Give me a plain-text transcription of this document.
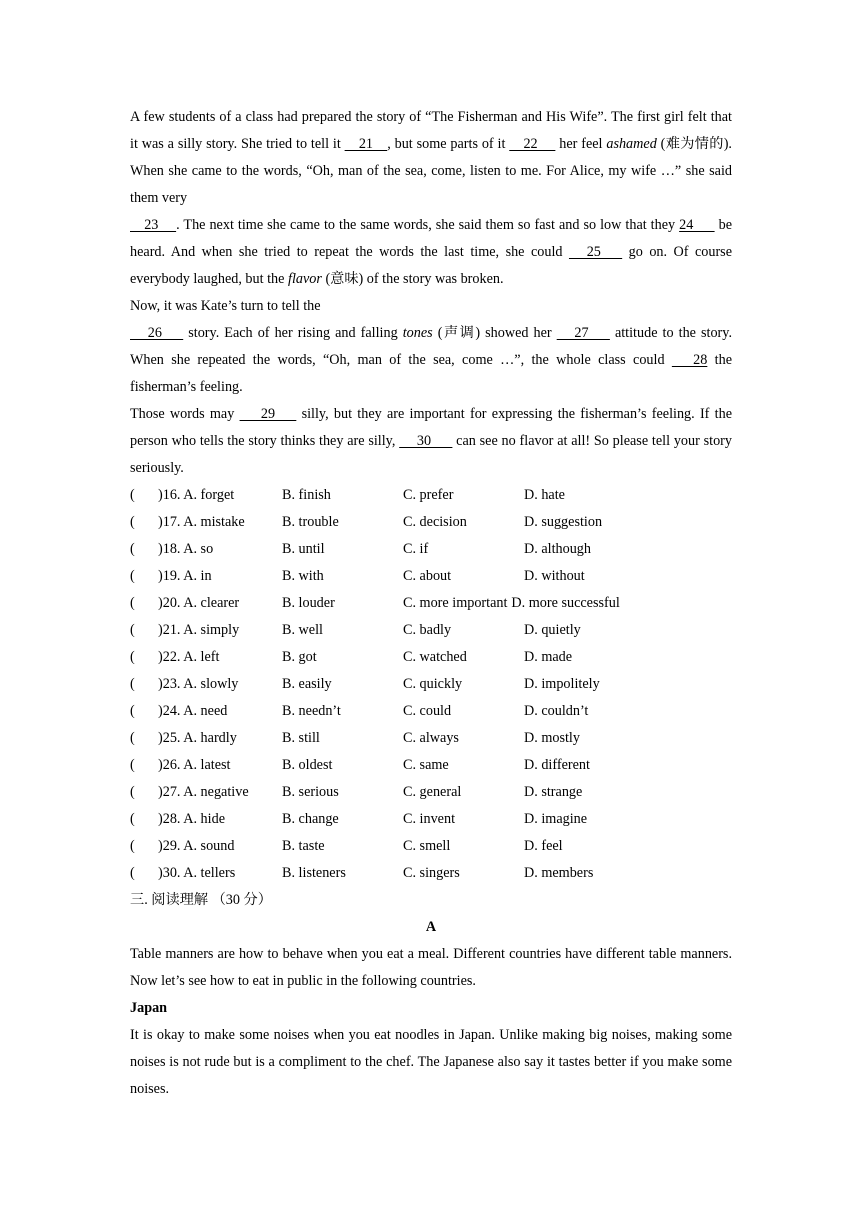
A few students of a class had prepared the story of “The Fisherman and His Wife”. The first girl felt that it was a silly story. She tried to tell it     21    , but some parts of it     22      her feel ashamed (难为情的). When she came to the words, “Oh, man of the sea, come, listen to me. For Alice, my wife …” she said them very
23     . The next time she came to the same words, she said them so fast and so low that they 24       be heard. And when she tried to repeat the words the last time, she could      25       go on. Of course everybody laughed, but the flavor (意味) of the story was broken.

Now, it was Kate’s turn to tell the
26       story. Each of her rising and falling tones (声调) showed her      27       attitude to the story. When she repeated the words, “Oh, man of the sea, come …”, the whole class could       28 the fisherman’s feeling.

Those words may       29       silly, but they are important for expressing the fisherman’s feeling. If the person who tells the story thinks they are silly,      30       can see no flavor at all! So please tell your story seriously.

(	)16. A. forget	B. finish	C. prefer	D. hate
(	)17. A. mistake	B. trouble	C. decision	D. suggestion
(	)18. A. so	B. until	C. if	D. although
(	)19. A. in	B. with	C. about	D. without
(	)20. A. clearer	B. louder	C. more important D. more successful
(	)21. A. simply	B. well	C. badly	D. quietly
(	)22. A. left	B. got	C. watched	D. made
(	)23. A. slowly	B. easily	C. quickly	D. impolitely
(	)24. A. need	B. needn’t	C. could	D. couldn’t
(	)25. A. hardly	B. still	C. always	D. mostly
(	)26. A. latest	B. oldest	C. same	D. different
(	)27. A. negative	B. serious	C. general	D. strange
(	)28. A. hide	B. change	C. invent	D. imagine
(	)29. A. sound	B. taste	C. smell	D. feel
(	)30. A. tellers	B. listeners	C. singers	D. members

三. 阅读理解 （30 分）

A

Table manners are how to behave when you eat a meal. Different countries have different table manners. Now let’s see how to eat in public in the following countries.

Japan

It is okay to make some noises when you eat noodles in Japan. Unlike making big noises, making some noises is not rude but is a compliment to the chef. The Japanese also say it tastes better if you make some noises.
